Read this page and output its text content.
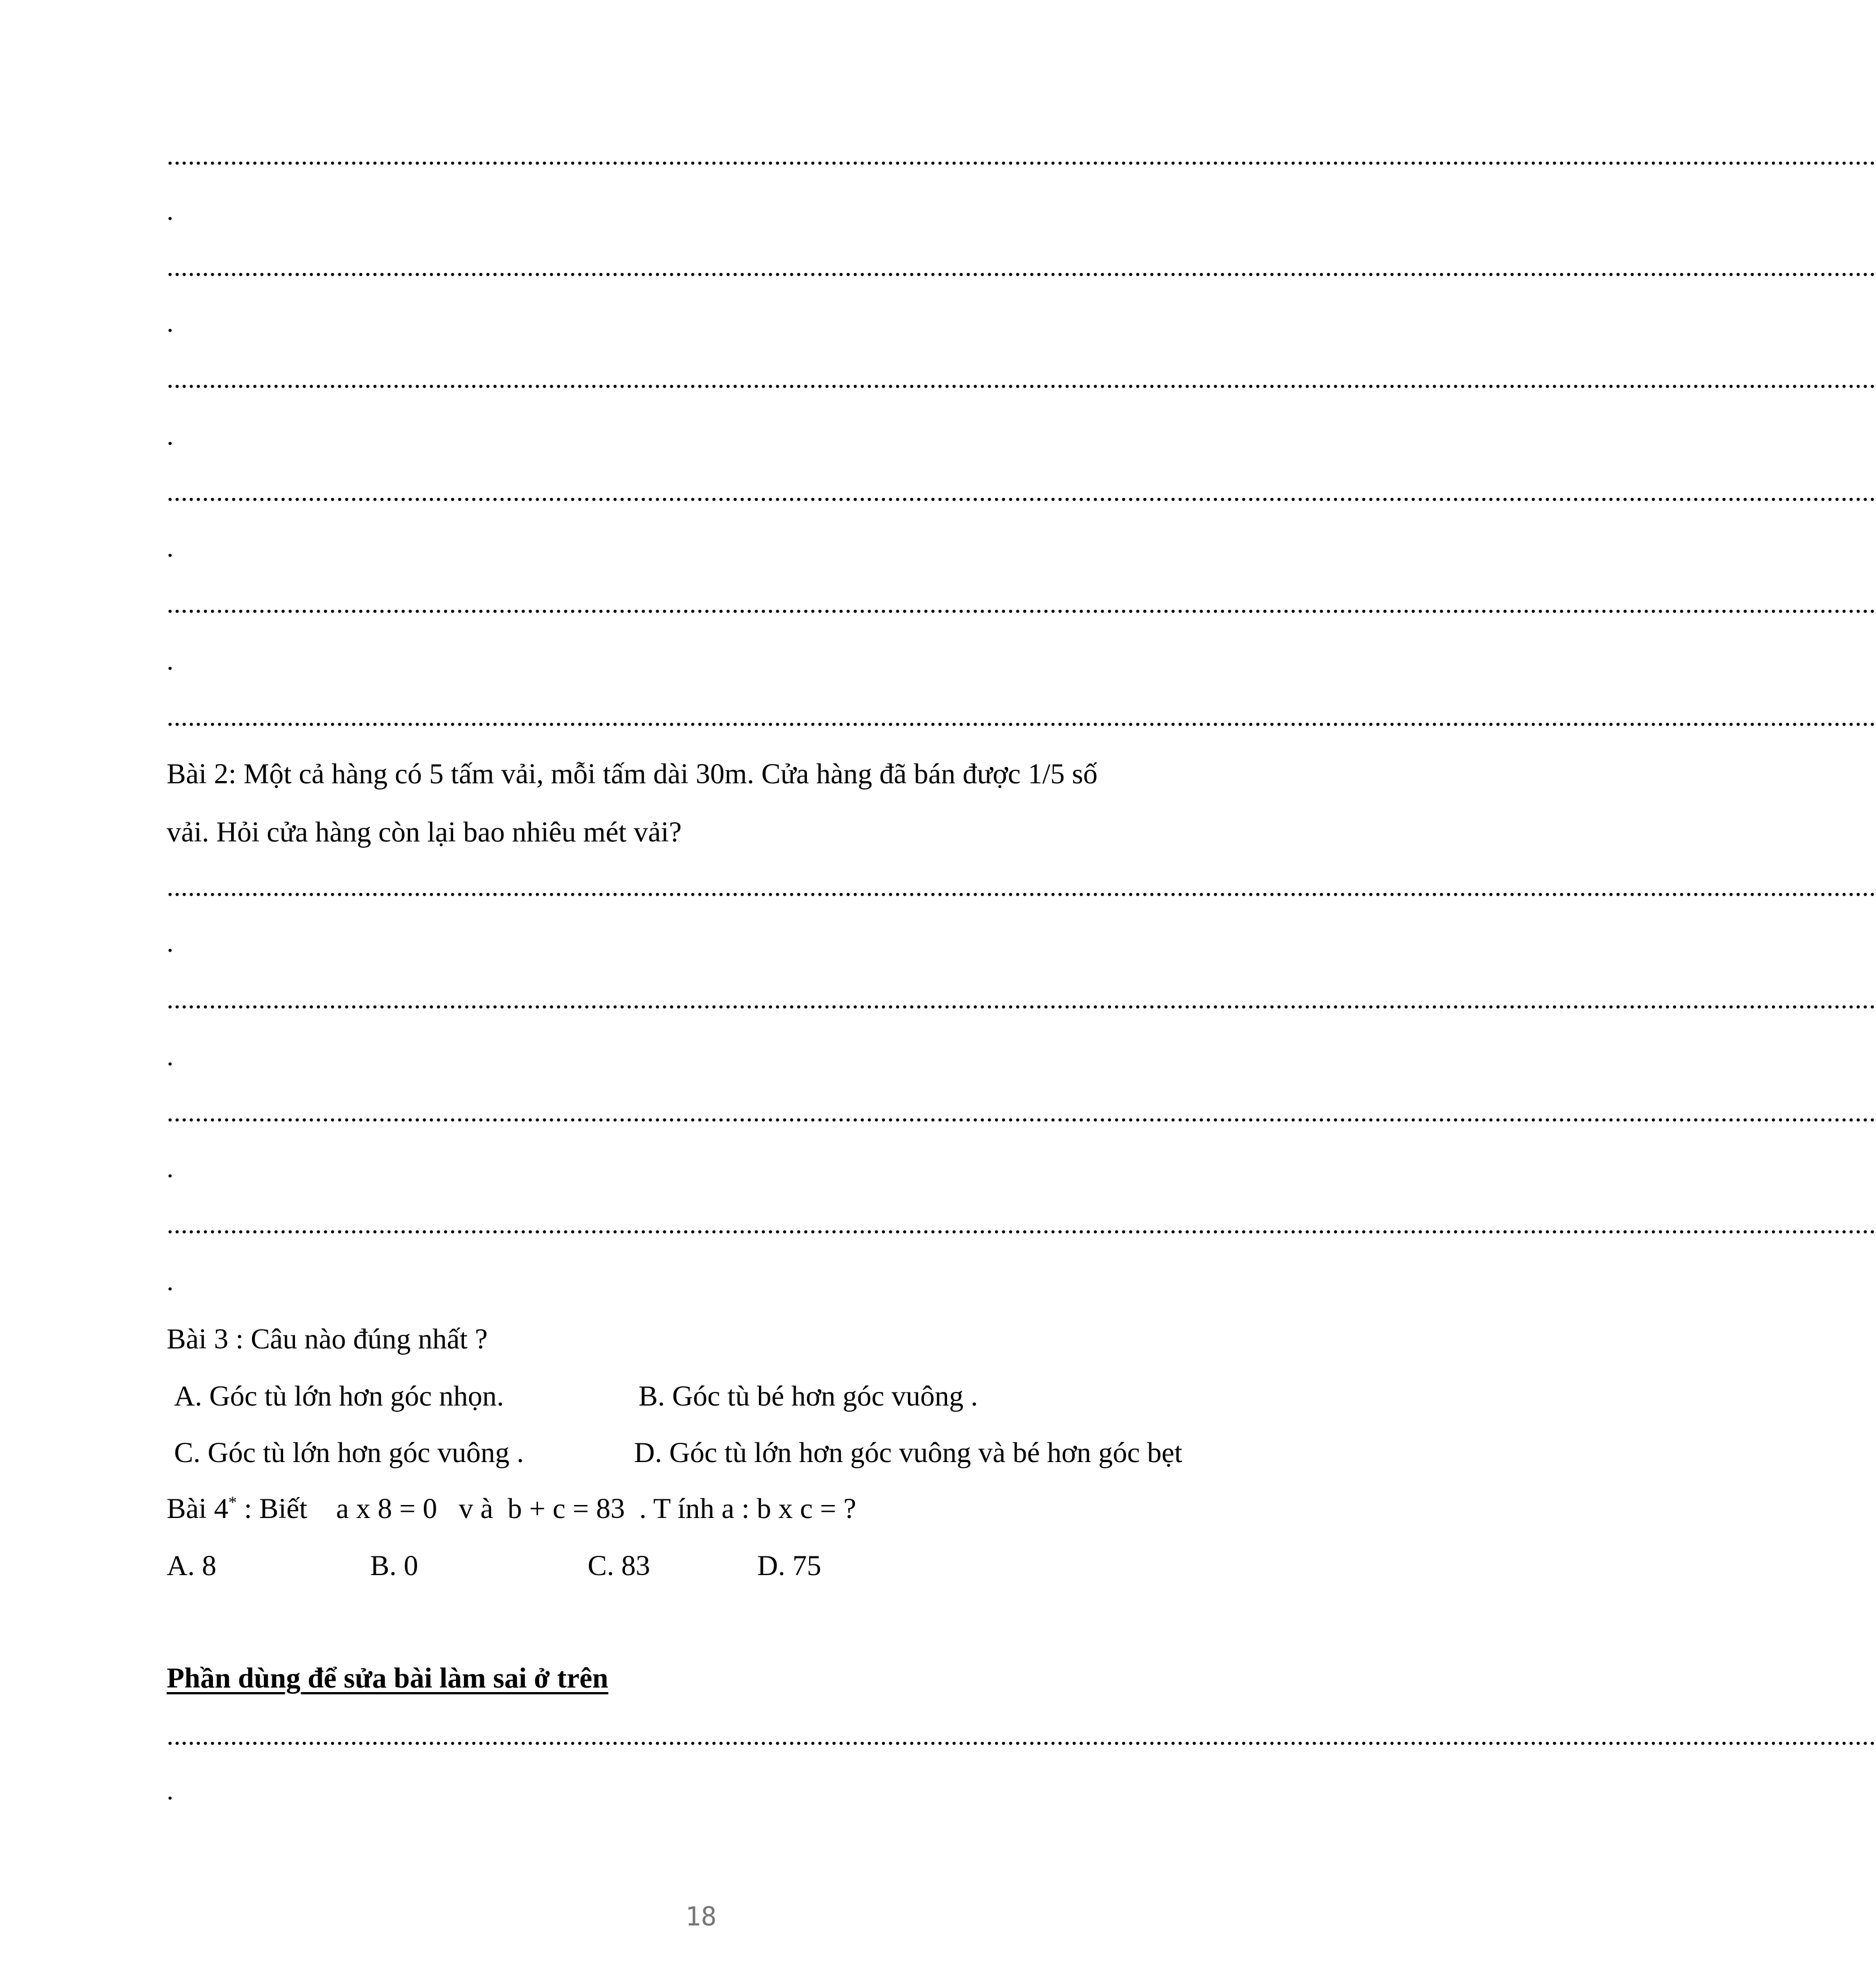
..................................................................................................................................................................................................................................................
.
..................................................................................................................................................................................................................................................
.
..................................................................................................................................................................................................................................................
.
..................................................................................................................................................................................................................................................
.
..................................................................................................................................................................................................................................................
.
..................................................................................................................................................................................................................................................
Bài 2: Một cả hàng có 5 tấm vải, mỗi tấm dài 30m. Cửa hàng đã bán được 1/5 số
vải. Hỏi cửa hàng còn lại bao nhiêu mét vải?
..................................................................................................................................................................................................................................................
.
..................................................................................................................................................................................................................................................
.
..................................................................................................................................................................................................................................................
.
..................................................................................................................................................................................................................................................
.
Bài 3 : Câu nào đúng nhất ?
A. Góc tù lớn hơn góc nhọn.	B. Góc tù bé hơn góc vuông .
C. Góc tù lớn hơn góc vuông .	D. Góc tù lớn hơn góc vuông và bé hơn góc bẹt
Bài 4* : Biết    a x 8 = 0   v à  b + c = 83  . T ính a : b x c = ?
A. 8	B. 0	C. 83	D. 75
Phần dùng để sửa bài làm sai ở trên
..................................................................................................................................................................................................................................................
.
18
